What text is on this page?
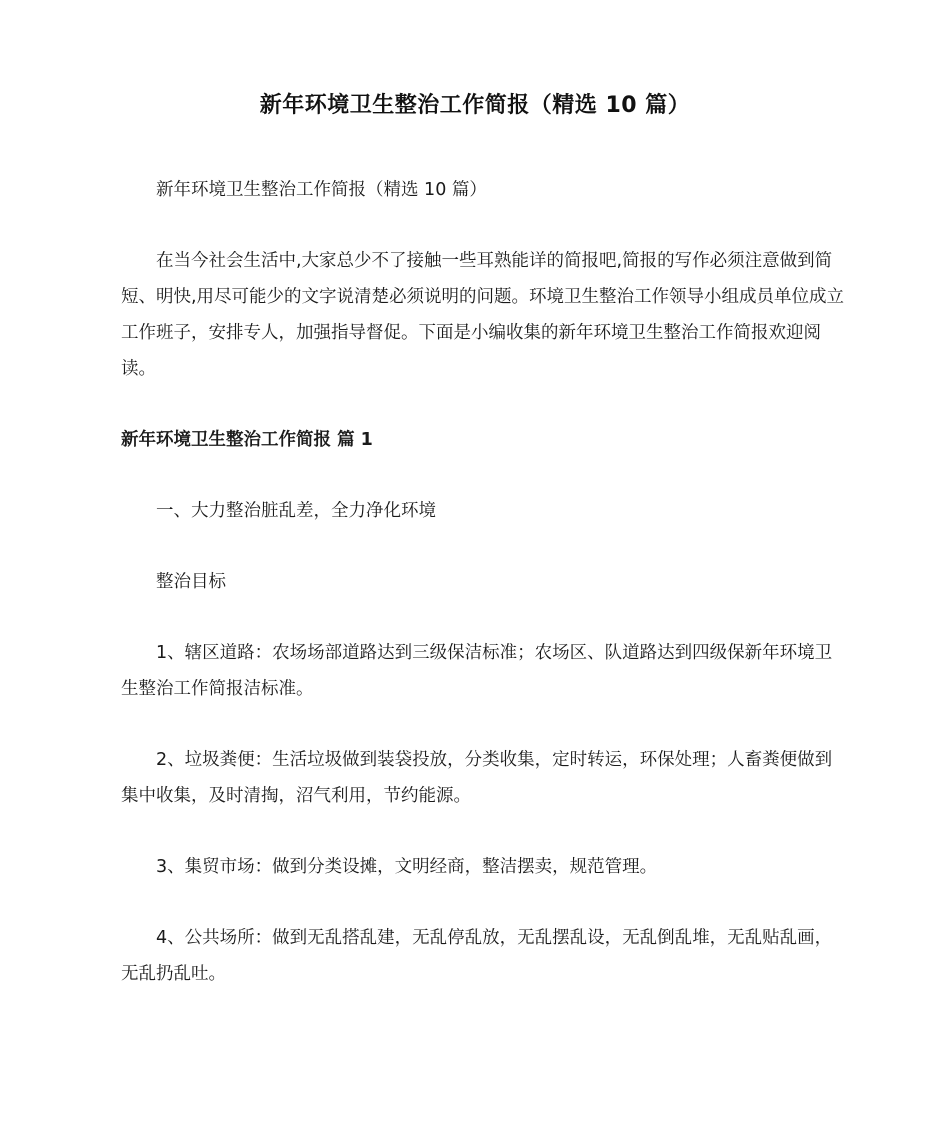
新年环境卫生整治工作简报（精选 10 篇）

新年环境卫生整治工作简报（精选 10 篇）

在当今社会生活中,大家总少不了接触一些耳熟能详的简报吧,简报的写作必须注意做到简短、明快,用尽可能少的文字说清楚必须说明的问题。环境卫生整治工作领导小组成员单位成立工作班子，安排专人，加强指导督促。下面是小编收集的新年环境卫生整治工作简报欢迎阅读。

新年环境卫生整治工作简报 篇 1

一、大力整治脏乱差，全力净化环境

整治目标

1、辖区道路：农场场部道路达到三级保洁标准；农场区、队道路达到四级保新年环境卫生整治工作简报洁标准。

2、垃圾粪便：生活垃圾做到装袋投放，分类收集，定时转运，环保处理；人畜粪便做到集中收集，及时清掏，沼气利用，节约能源。

3、集贸市场：做到分类设摊，文明经商，整洁摆卖，规范管理。

4、公共场所：做到无乱搭乱建，无乱停乱放，无乱摆乱设，无乱倒乱堆，无乱贴乱画，无乱扔乱吐。
